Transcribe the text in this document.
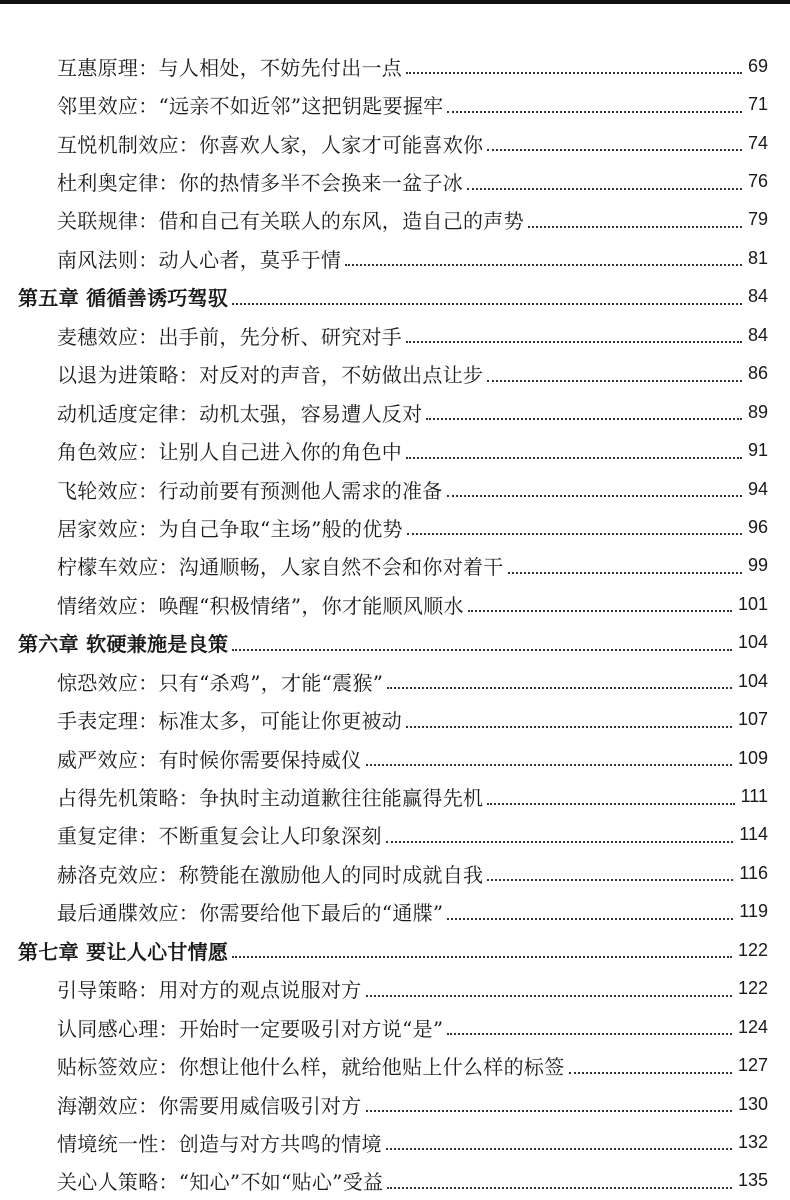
互惠原理：与人相处，不妨先付出一点	69
邻里效应：“远亲不如近邻”这把钥匙要握牢	71
互悦机制效应：你喜欢人家，人家才可能喜欢你	74
杜利奥定律：你的热情多半不会换来一盆子冰	76
关联规律：借和自己有关联人的东风，造自己的声势	79
南风法则：动人心者，莫乎于情	81
第五章 循循善诱巧驾驭	84
麦穗效应：出手前，先分析、研究对手	84
以退为进策略：对反对的声音，不妨做出点让步	86
动机适度定律：动机太强，容易遭人反对	89
角色效应：让别人自己进入你的角色中	91
飞轮效应：行动前要有预测他人需求的准备	94
居家效应：为自己争取“主场”般的优势	96
柠檬车效应：沟通顺畅，人家自然不会和你对着干	99
情绪效应：唤醒“积极情绪”，你才能顺风顺水	101
第六章 软硬兼施是良策	104
惊恐效应：只有“杀鸡”，才能“震猴”	104
手表定理：标准太多，可能让你更被动	107
威严效应：有时候你需要保持威仪	109
占得先机策略：争执时主动道歉往往能赢得先机	111
重复定律：不断重复会让人印象深刻	114
赫洛克效应：称赞能在激励他人的同时成就自我	116
最后通牒效应：你需要给他下最后的“通牒”	119
第七章 要让人心甘情愿	122
引导策略：用对方的观点说服对方	122
认同感心理：开始时一定要吸引对方说“是”	124
贴标签效应：你想让他什么样，就给他贴上什么样的标签	127
海潮效应：你需要用威信吸引对方	130
情境统一性：创造与对方共鸣的情境	132
关心人策略：“知心”不如“贴心”受益	135
